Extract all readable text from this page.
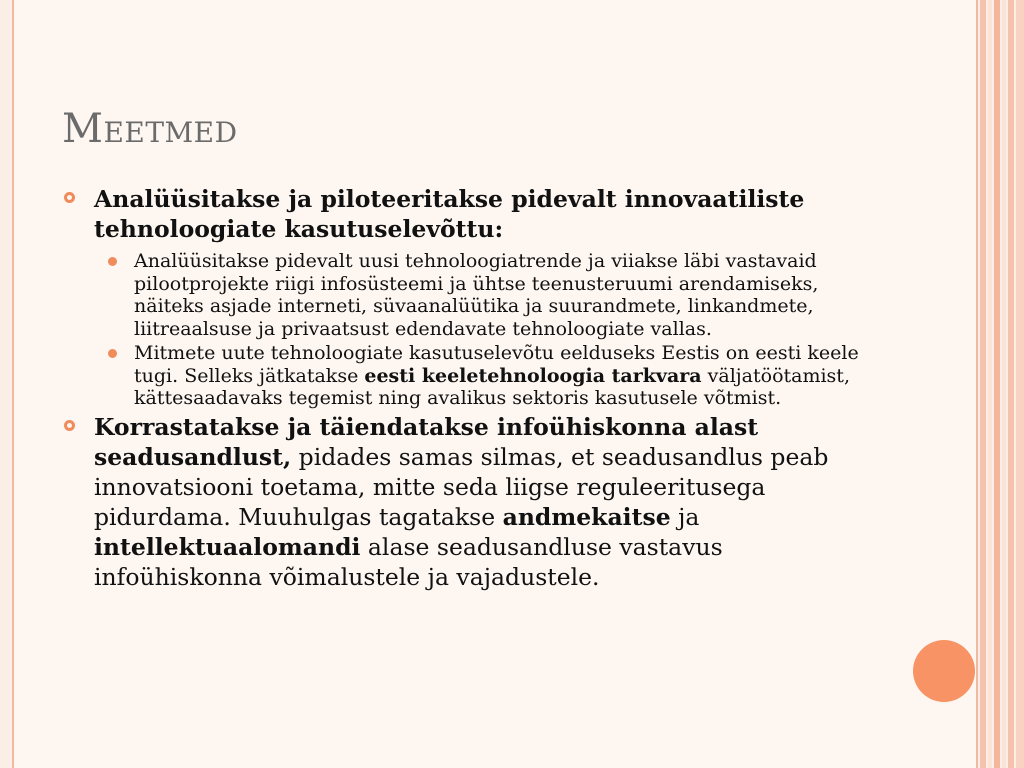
Meetmed

Analüüsitakse ja piloteeritakse pidevalt innovaatiliste tehnoloogiate kasutuselevõttu:

Analüüsitakse pidevalt uusi tehnoloogiatrende ja viiakse läbi vastavaid pilootprojekte riigi infosüsteemi ja ühtse teenusteruumi arendamiseks, näiteks asjade interneti, süvaanalüütika ja suurandmete, linkandmete, liitreaalsuse ja privaatsust edendavate tehnoloogiate vallas.

Mitmete uute tehnoloogiate kasutuselevõtu eelduseks Eestis on eesti keele tugi. Selleks jätkatakse eesti keeletehnoloogia tarkvara väljatöötamist, kättesaadavaks tegemist ning avalikus sektoris kasutusele võtmist.

Korrastatakse ja täiendatakse infoühiskonna alast seadusandlust, pidades samas silmas, et seadusandlus peab innovatsiooni toetama, mitte seda liigse reguleeritusega pidurdama. Muuhulgas tagatakse andmekaitse ja intellektuaalomandi alase seadusandluse vastavus infoühiskonna võimalustele ja vajadustele.
